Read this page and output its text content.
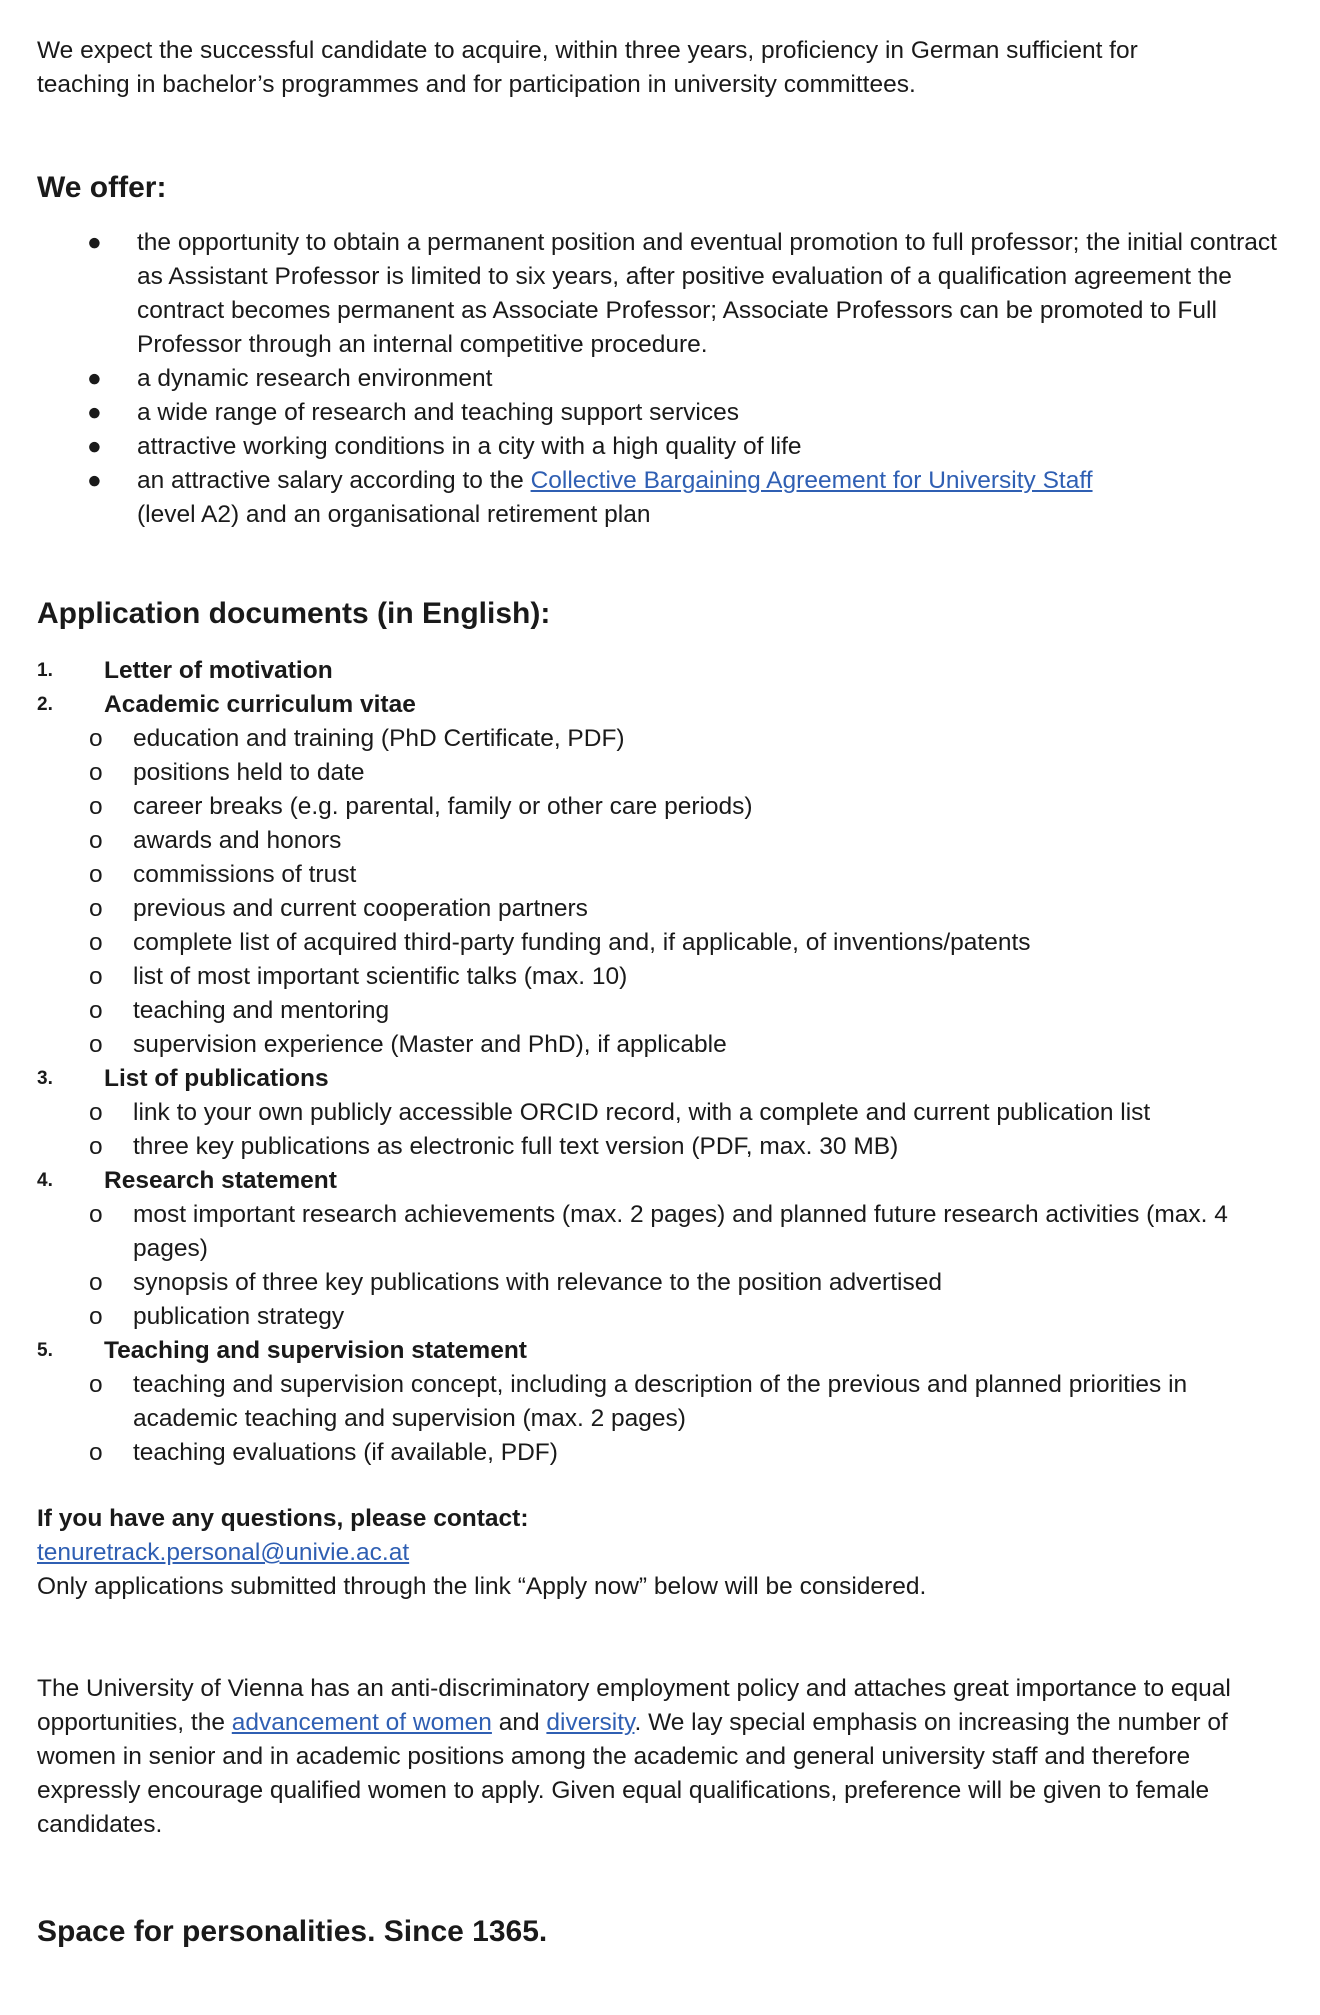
We expect the successful candidate to acquire, within three years, proficiency in German sufficient for teaching in bachelor’s programmes and for participation in university committees.

We offer:
● the opportunity to obtain a permanent position and eventual promotion to full professor; the initial contract as Assistant Professor is limited to six years, after positive evaluation of a qualification agreement the contract becomes permanent as Associate Professor; Associate Professors can be promoted to Full Professor through an internal competitive procedure.
● a dynamic research environment
● a wide range of research and teaching support services
● attractive working conditions in a city with a high quality of life
● an attractive salary according to the Collective Bargaining Agreement for University Staff
(level A2) and an organisational retirement plan
Application documents (in English):
1. Letter of motivation
2. Academic curriculum vitae
o education and training (PhD Certificate, PDF)
o positions held to date
o career breaks (e.g. parental, family or other care periods)
o awards and honors
o commissions of trust
o previous and current cooperation partners
o complete list of acquired third-party funding and, if applicable, of inventions/patents
o list of most important scientific talks (max. 10)
o teaching and mentoring
o supervision experience (Master and PhD), if applicable
3. List of publications
o link to your own publicly accessible ORCID record, with a complete and current publication list
o three key publications as electronic full text version (PDF, max. 30 MB)
4. Research statement
o most important research achievements (max. 2 pages) and planned future research activities (max. 4 pages)
o synopsis of three key publications with relevance to the position advertised
o publication strategy
5. Teaching and supervision statement
o teaching and supervision concept, including a description of the previous and planned priorities in academic teaching and supervision (max. 2 pages)
o teaching evaluations (if available, PDF)

If you have any questions, please contact:

tenuretrack.personal@univie.ac.at

Only applications submitted through the link “Apply now” below will be considered.

The University of Vienna has an anti-discriminatory employment policy and attaches great importance to equal opportunities, the advancement of women and diversity. We lay special emphasis on increasing the number of women in senior and in academic positions among the academic and general university staff and therefore expressly encourage qualified women to apply. Given equal qualifications, preference will be given to female candidates.

Space for personalities. Since 1365.
